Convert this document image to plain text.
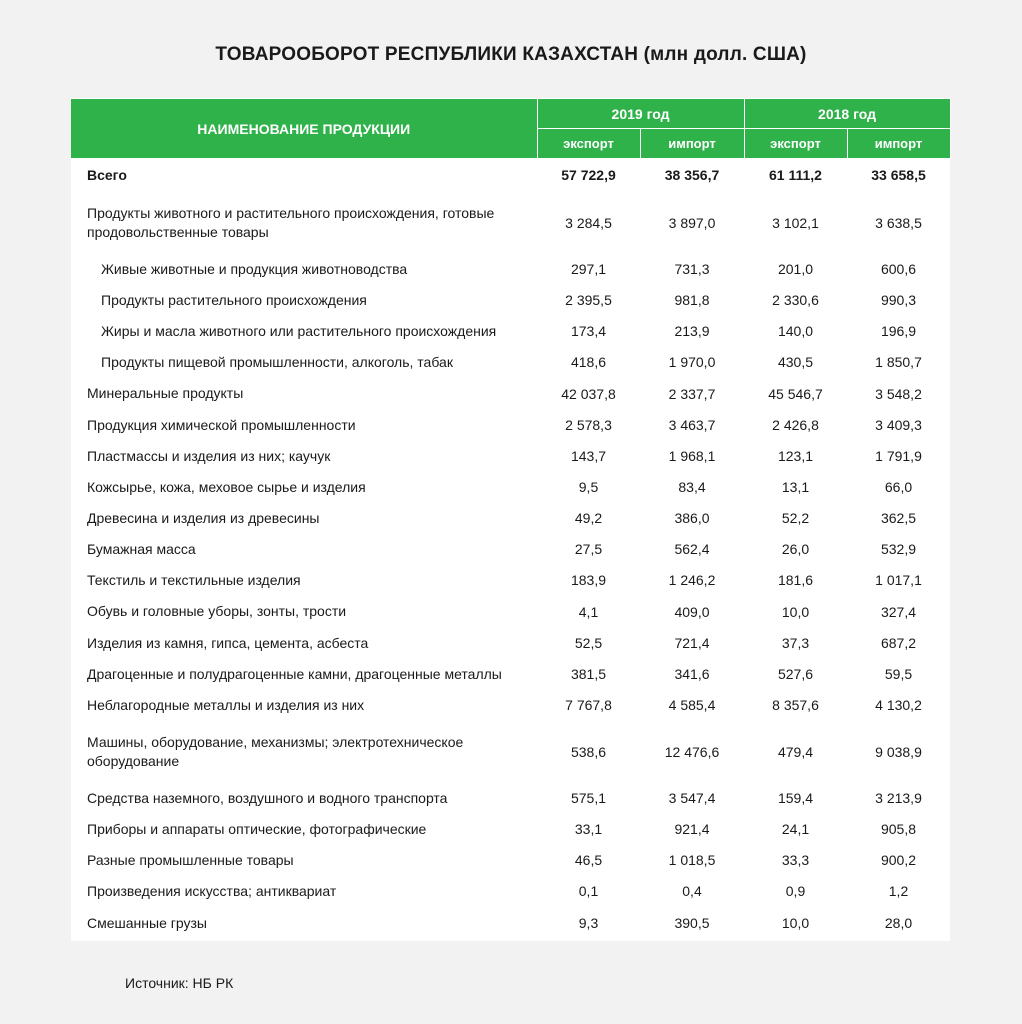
ТОВАРООБОРОТ РЕСПУБЛИКИ КАЗАХСТАН (млн долл. США)
НАИМЕНОВАНИЕ ПРОДУКЦИИ	2019 год		2018 год	
	экспорт	импорт	экспорт	импорт
Всего	57 722,9	38 356,7	61 111,2	33 658,5
Продукты животного и растительного происхождения, готовые продовольственные товары	3 284,5	3 897,0	3 102,1	3 638,5
Живые животные и продукция животноводства	297,1	731,3	201,0	600,6
Продукты растительного происхождения	2 395,5	981,8	2 330,6	990,3
Жиры и масла животного или растительного происхождения	173,4	213,9	140,0	196,9
Продукты пищевой промышленности, алкоголь, табак	418,6	1 970,0	430,5	1 850,7
Минеральные продукты	42 037,8	2 337,7	45 546,7	3 548,2
Продукция химической промышленности	2 578,3	3 463,7	2 426,8	3 409,3
Пластмассы и изделия из них; каучук	143,7	1 968,1	123,1	1 791,9
Кожсырье, кожа, меховое сырье и изделия	9,5	83,4	13,1	66,0
Древесина и изделия из древесины	49,2	386,0	52,2	362,5
Бумажная масса	27,5	562,4	26,0	532,9
Текстиль и текстильные изделия	183,9	1 246,2	181,6	1 017,1
Обувь и головные уборы, зонты, трости	4,1	409,0	10,0	327,4
Изделия из камня, гипса, цемента, асбеста	52,5	721,4	37,3	687,2
Драгоценные и полудрагоценные камни, драгоценные металлы	381,5	341,6	527,6	59,5
Неблагородные металлы и изделия из них	7 767,8	4 585,4	8 357,6	4 130,2
Машины, оборудование, механизмы; электротехническое оборудование	538,6	12 476,6	479,4	9 038,9
Средства наземного, воздушного и водного транспорта	575,1	3 547,4	159,4	3 213,9
Приборы и аппараты оптические, фотографические	33,1	921,4	24,1	905,8
Разные промышленные товары	46,5	1 018,5	33,3	900,2
Произведения искусства; антиквариат	0,1	0,4	0,9	1,2
Смешанные грузы	9,3	390,5	10,0	28,0
Источник: НБ РК
